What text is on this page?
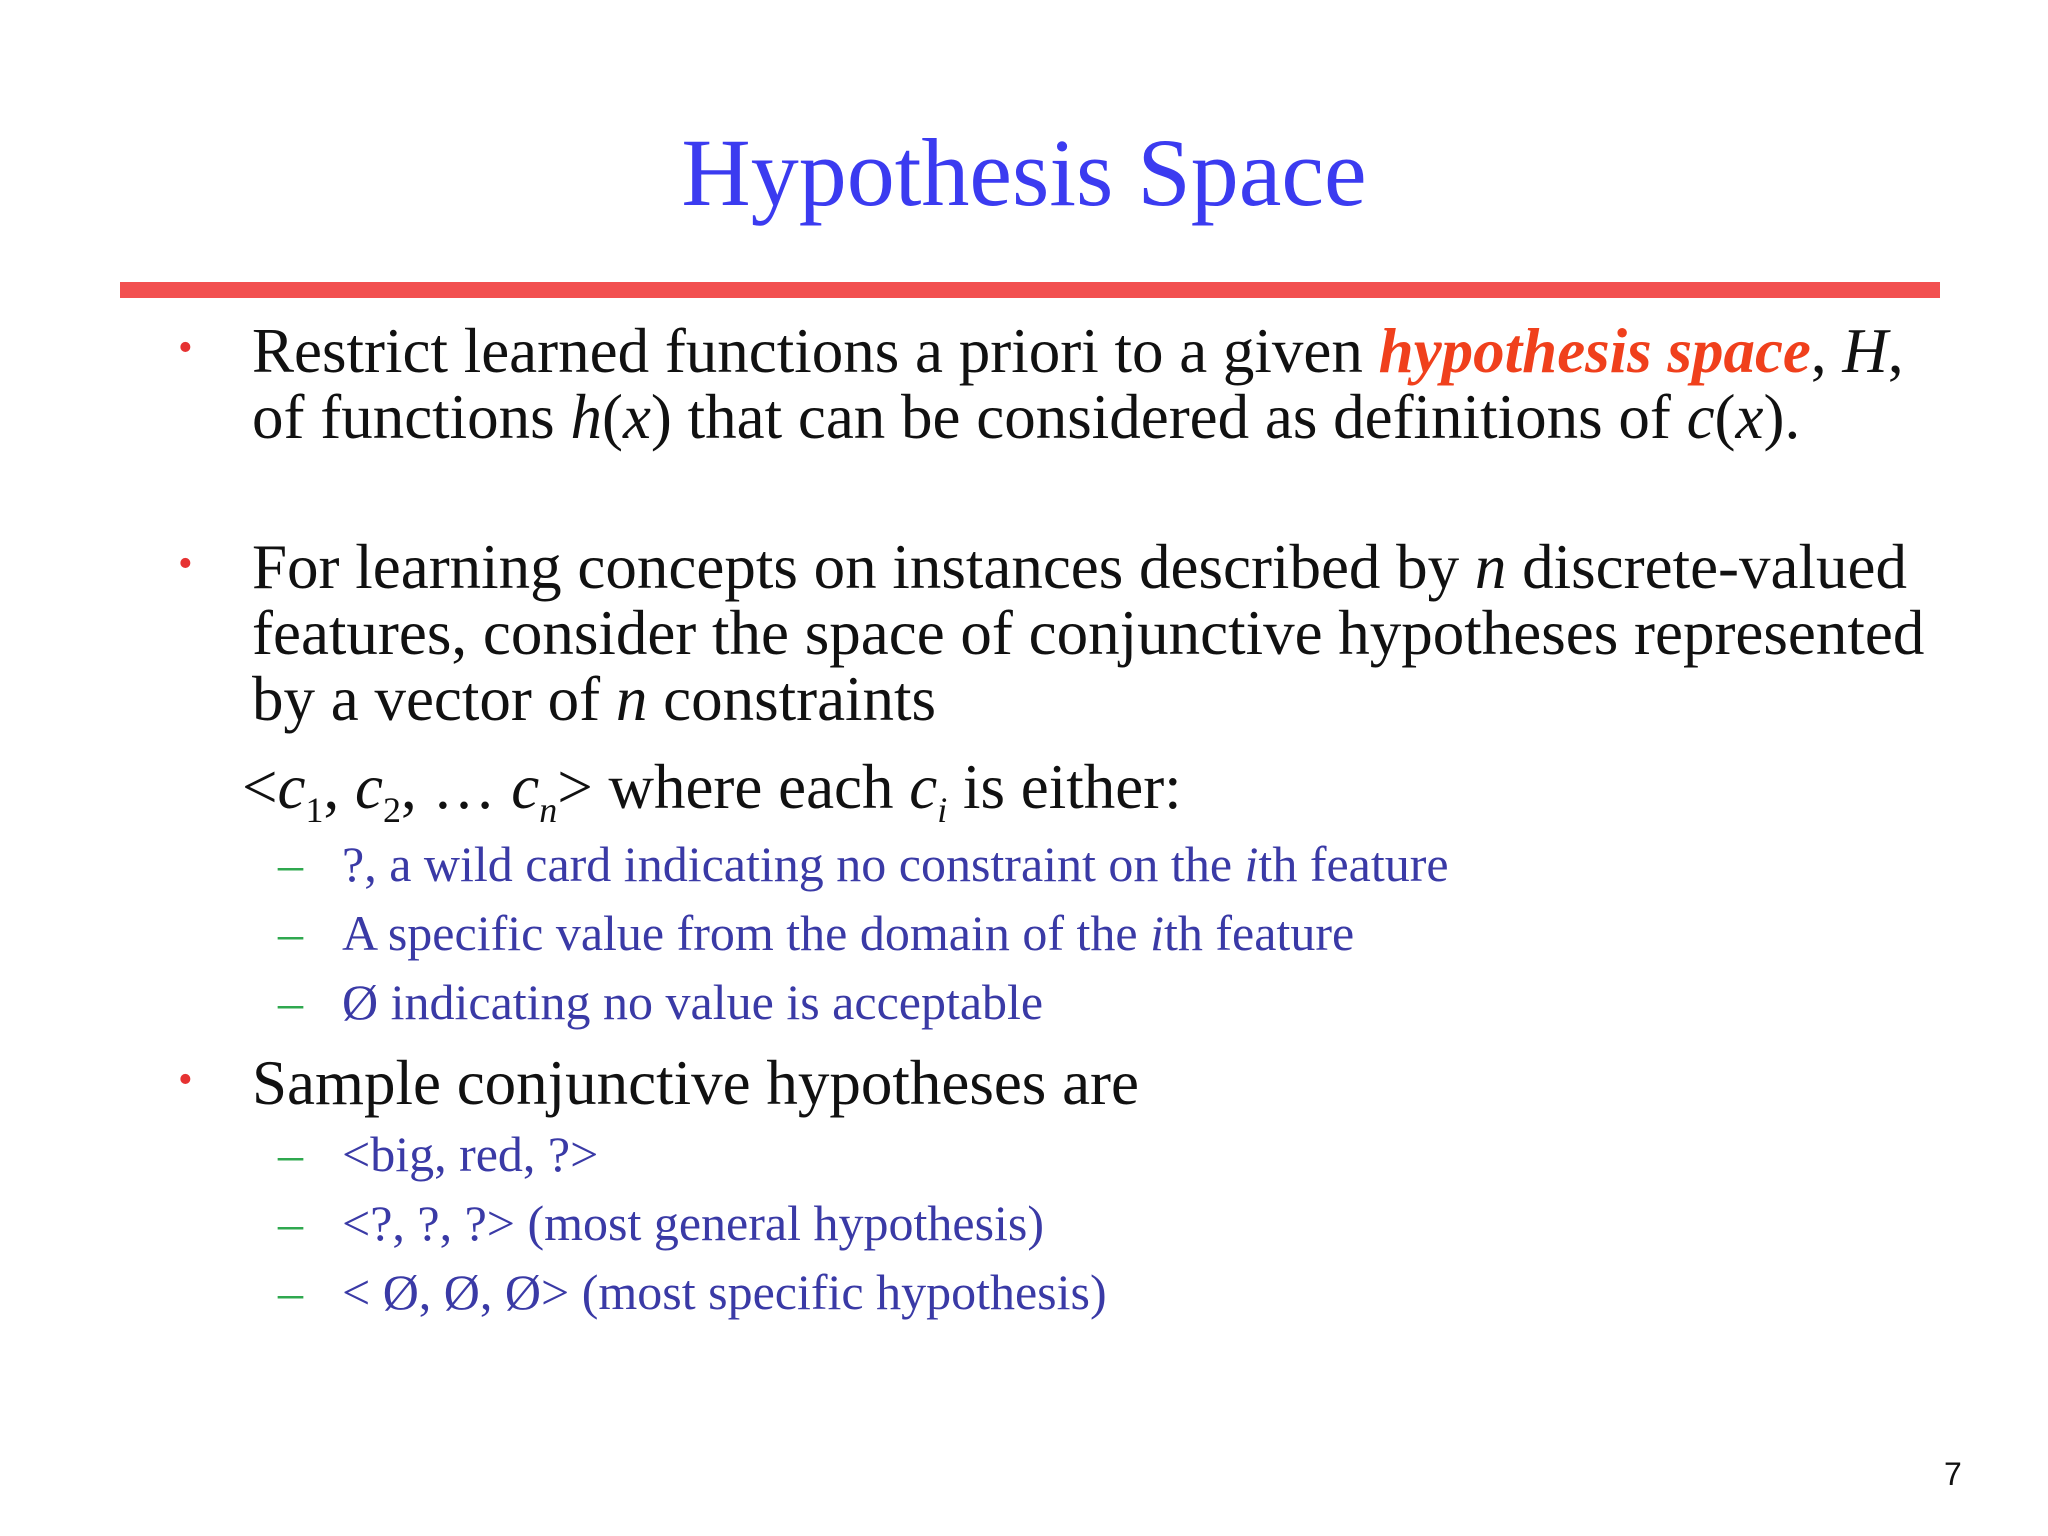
Hypothesis Space
• Restrict learned functions a priori to a given hypothesis space, H, of functions h(x) that can be considered as definitions of c(x).
• For learning concepts on instances described by n discrete-valued features, consider the space of conjunctive hypotheses represented by a vector of n constraints
$<c_1$, $c_2$, … $c_n>$ where each $c_i$ is either:
– ?, a wild card indicating no constraint on the ith feature
– A specific value from the domain of the ith feature
– Ø indicating no value is acceptable
• Sample conjunctive hypotheses are
– <big, red, ?>
– <?, ?, ?> (most general hypothesis)
– < Ø, Ø, Ø> (most specific hypothesis)
7
